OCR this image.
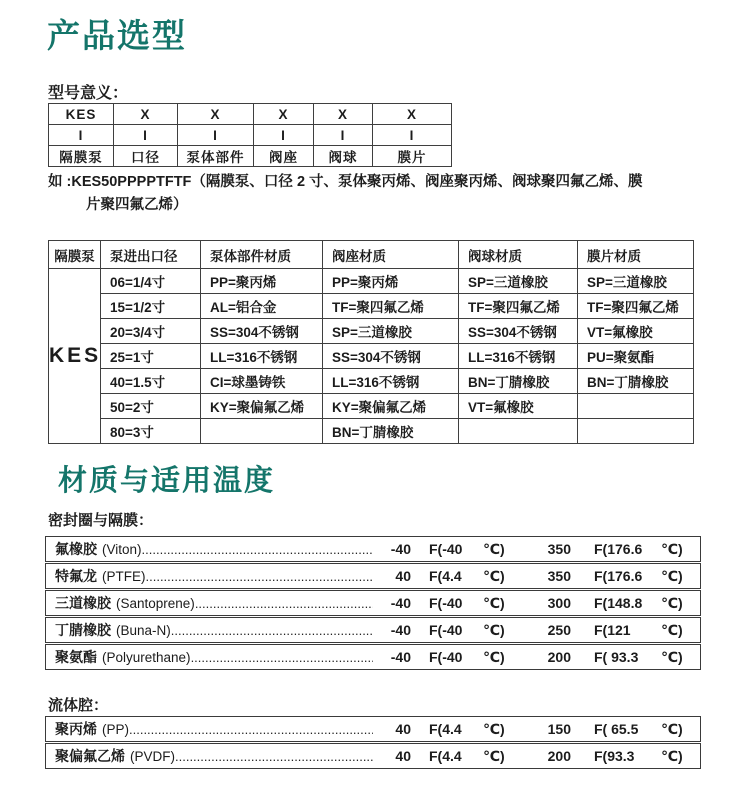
产品选型
型号意义：
KES	X	X	X	X	X
I	I	I	I	I	I
隔膜泵	口径	泵体部件	阀座	阀球	膜片
如 :KES50PPPPTFTF（隔膜泵、口径 2 寸、泵体聚丙烯、阀座聚丙烯、阀球聚四氟乙烯、膜
片聚四氟乙烯）
隔膜泵	泵进出口径	泵体部件材质	阀座材质	阀球材质	膜片材质
KES	06=1/4寸	PP=聚丙烯	PP=聚丙烯	SP=三道橡胶	SP=三道橡胶
	15=1/2寸	AL=铝合金	TF=聚四氟乙烯	TF=聚四氟乙烯	TF=聚四氟乙烯
	20=3/4寸	SS=304不锈钢	SP=三道橡胶	SS=304不锈钢	VT=氟橡胶
	25=1寸	LL=316不锈钢	SS=304不锈钢	LL=316不锈钢	PU=聚氨酯
	40=1.5寸	CI=球墨铸铁	LL=316不锈钢	BN=丁腈橡胶	BN=丁腈橡胶
	50=2寸	KY=聚偏氟乙烯	KY=聚偏氟乙烯	VT=氟橡胶	
	80=3寸		BN=丁腈橡胶		
材质与适用温度
密封圈与隔膜：
氟橡胶 (Viton) .....	-40 F(-40	℃)	350 F(176.6	℃)
特氟龙 (PTFE) .....	40 F(4.4	℃)	350 F(176.6	℃)
三道橡胶 (Santoprene) .....	-40 F(-40	℃)	300 F(148.8	℃)
丁腈橡胶 (Buna-N) .....	-40 F(-40	℃)	250 F(121	℃)
聚氨酯 (Polyurethane) .....	-40 F(-40	℃)	200 F( 93.3	℃)
流体腔：
聚丙烯 (PP) .....	40 F(4.4	℃)	150 F( 65.5	℃)
聚偏氟乙烯 (PVDF) .....	40 F(4.4	℃)	200 F(93.3	℃)
